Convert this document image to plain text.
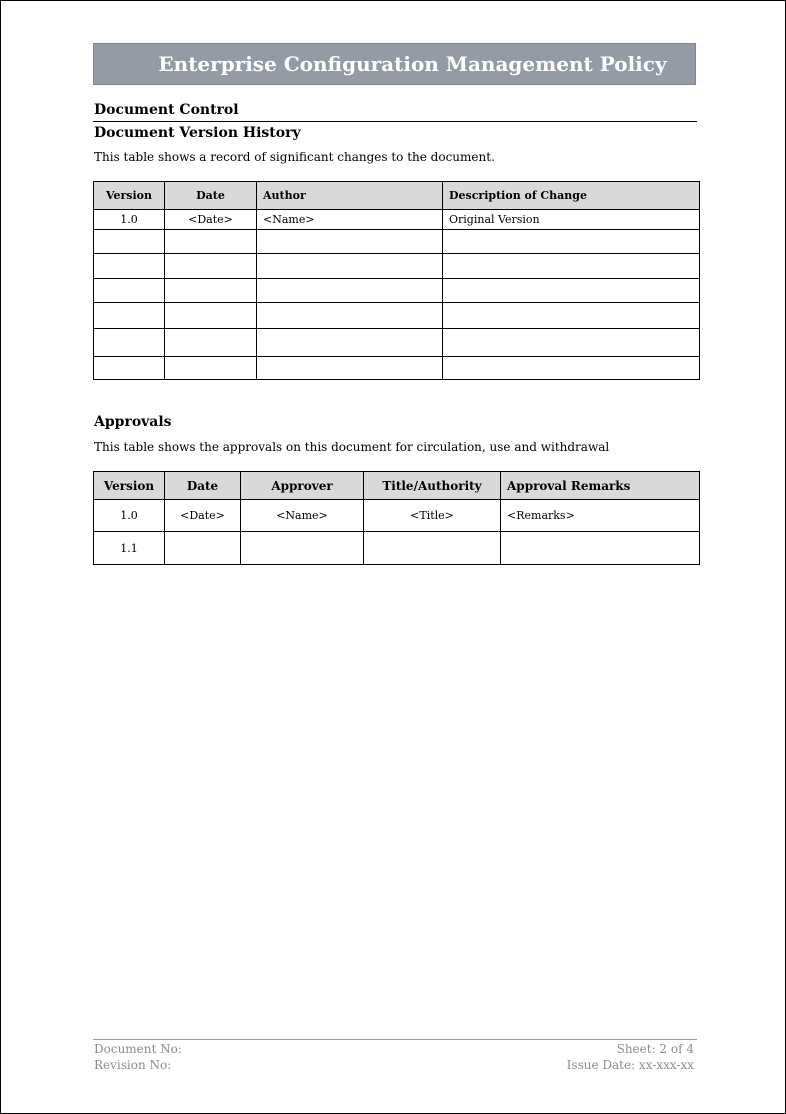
Enterprise Configuration Management Policy
Document Control
Document Version History
This table shows a record of significant changes to the document.
Version	Date	Author	Description of Change
1.0	<Date>	<Name>	Original Version

Approvals
This table shows the approvals on this document for circulation, use and withdrawal
Version	Date	Approver	Title/Authority	Approval Remarks
1.0	<Date>	<Name>	<Title>	<Remarks>
1.1				
Document No:
Revision No:
Sheet: 2 of 4
Issue Date: xx-xxx-xx
